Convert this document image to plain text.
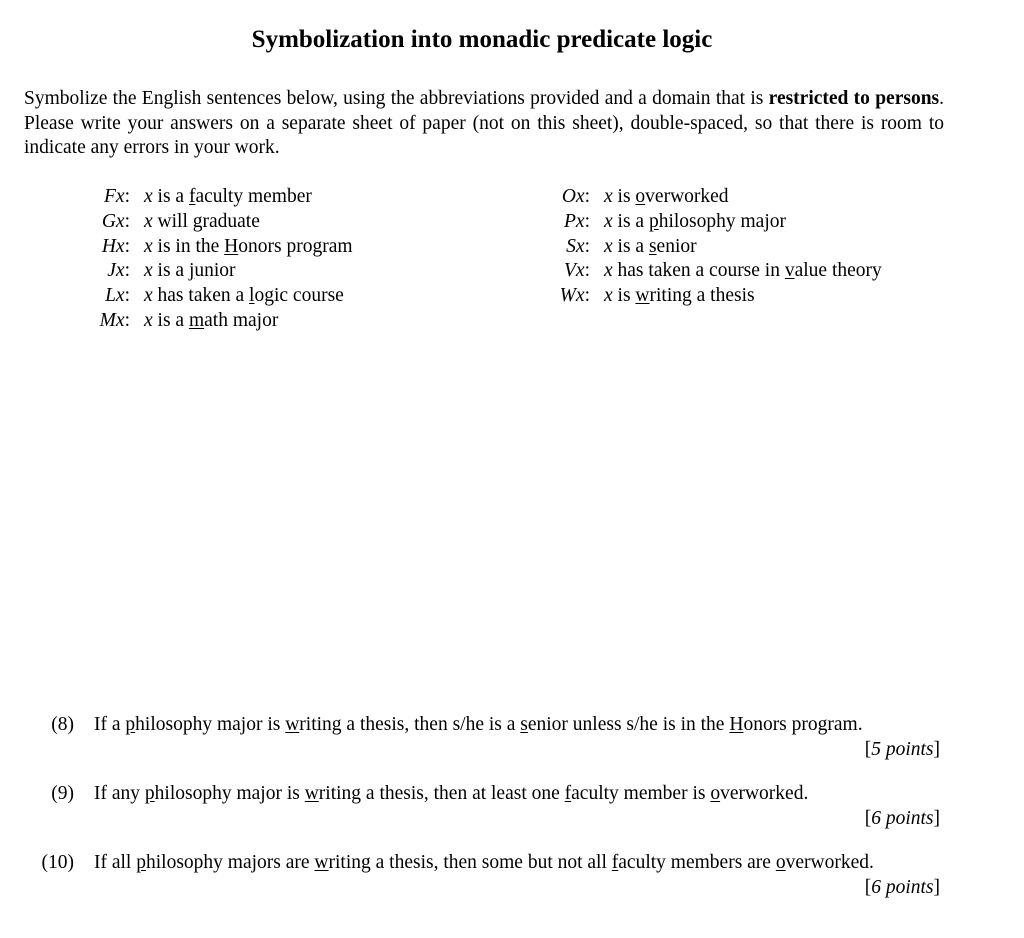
Symbolization into monadic predicate logic

Symbolize the English sentences below, using the abbreviations provided and a domain that is restricted to persons. Please write your answers on a separate sheet of paper (not on this sheet), double-spaced, so that there is room to indicate any errors in your work.

Fx: x is a faculty member
Gx: x will graduate
Hx: x is in the Honors program
Jx: x is a junior
Lx: x has taken a logic course
Mx: x is a math major
Ox: x is overworked
Px: x is a philosophy major
Sx: x is a senior
Vx: x has taken a course in value theory
Wx: x is writing a thesis
(8) If a philosophy major is writing a thesis, then s/he is a senior unless s/he is in the Honors program.
[5 points]
(9) If any philosophy major is writing a thesis, then at least one faculty member is overworked.
[6 points]
(10) If all philosophy majors are writing a thesis, then some but not all faculty members are overworked.
[6 points]
